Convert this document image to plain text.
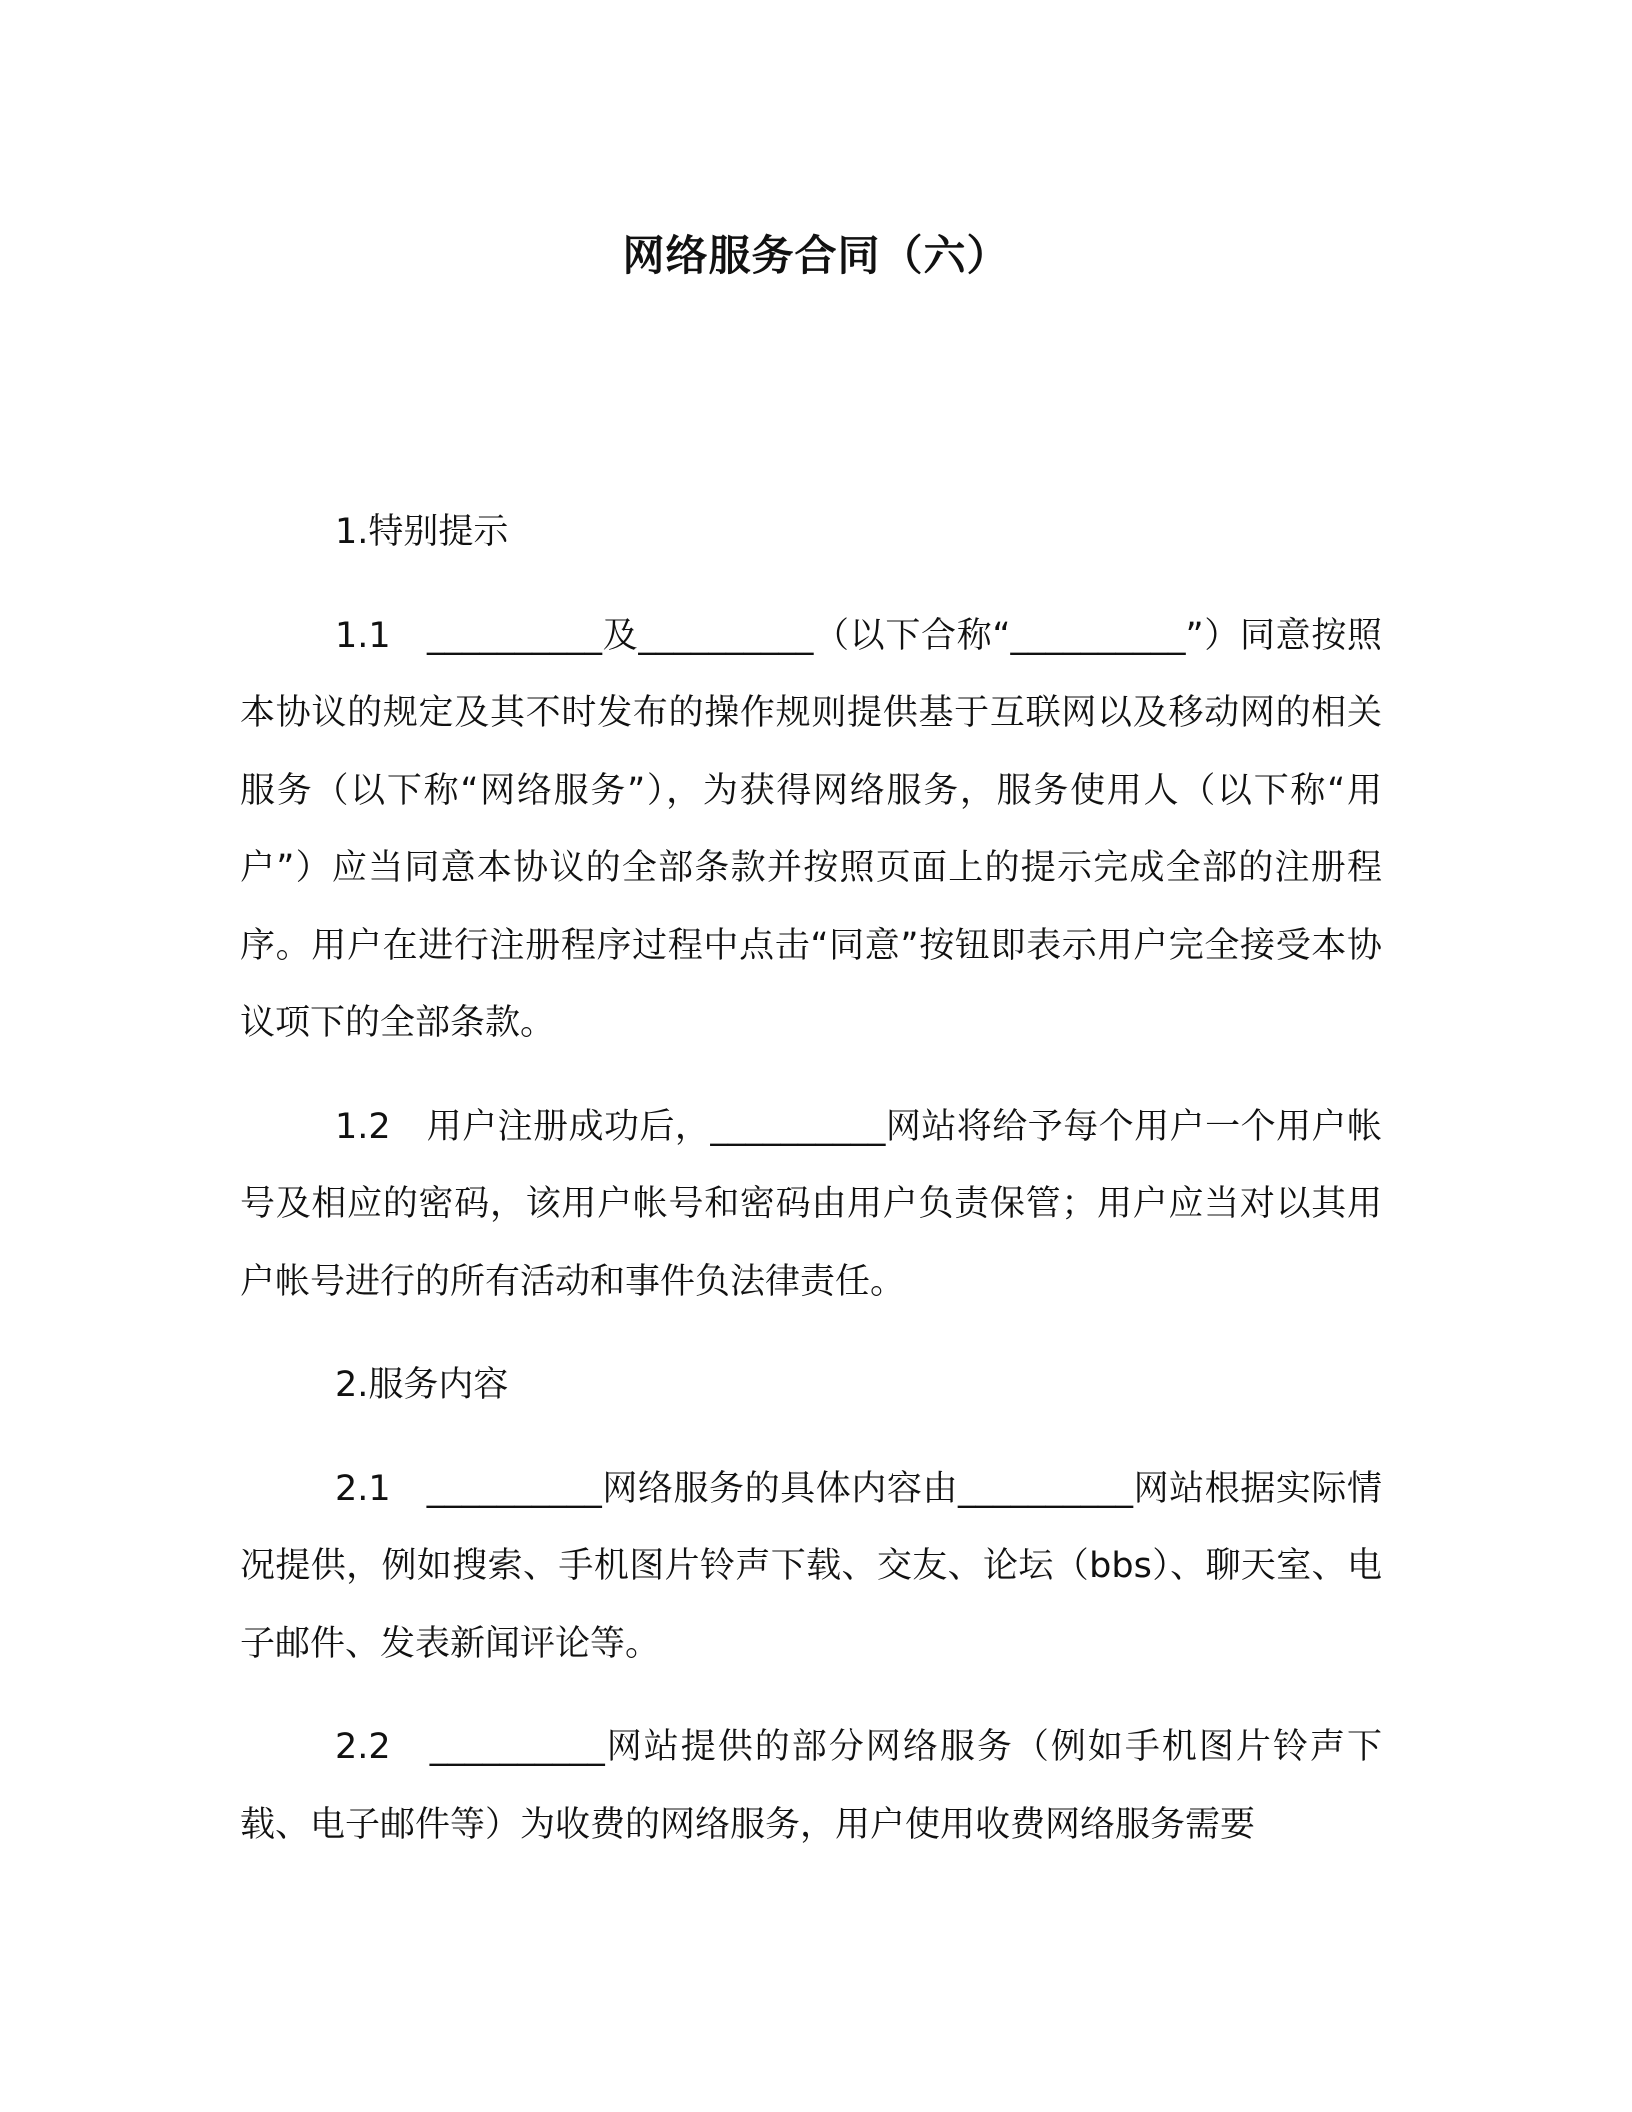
网络服务合同（六）
1.特别提示

1.1　__________及__________（以下合称“__________”）同意按照本协议的规定及其不时发布的操作规则提供基于互联网以及移动网的相关服务（以下称“网络服务”），为获得网络服务，服务使用人（以下称“用户”）应当同意本协议的全部条款并按照页面上的提示完成全部的注册程序。用户在进行注册程序过程中点击“同意”按钮即表示用户完全接受本协议项下的全部条款。

1.2　用户注册成功后，__________网站将给予每个用户一个用户帐号及相应的密码，该用户帐号和密码由用户负责保管；用户应当对以其用户帐号进行的所有活动和事件负法律责任。

2.服务内容

2.1　__________网络服务的具体内容由__________网站根据实际情况提供，例如搜索、手机图片铃声下载、交友、论坛（bbs）、聊天室、电子邮件、发表新闻评论等。

2.2　__________网站提供的部分网络服务（例如手机图片铃声下载、电子邮件等）为收费的网络服务，用户使用收费网络服务需要
